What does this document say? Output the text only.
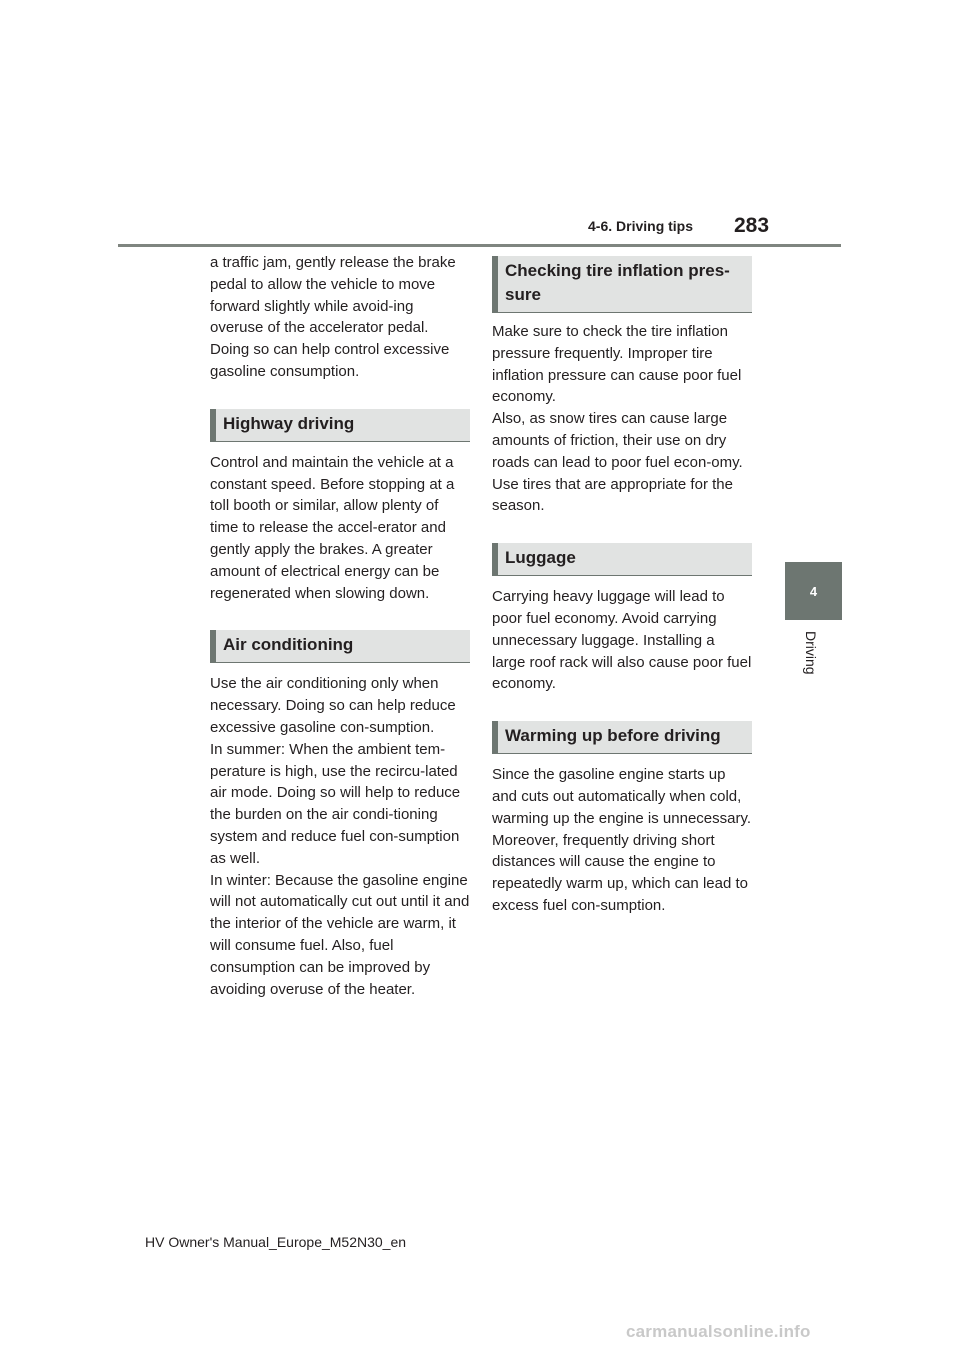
4-6. Driving tips 283
4
Driving

a traffic jam, gently release the brake pedal to allow the vehicle to move forward slightly while avoid-ing overuse of the accelerator pedal. Doing so can help control excessive gasoline consumption.

Highway driving

Control and maintain the vehicle at a constant speed. Before stopping at a toll booth or similar, allow plenty of time to release the accel-erator and gently apply the brakes. A greater amount of electrical energy can be regenerated when slowing down.

Air conditioning

Use the air conditioning only when necessary. Doing so can help reduce excessive gasoline con-sumption.

In summer: When the ambient tem-perature is high, use the recircu-lated air mode. Doing so will help to reduce the burden on the air condi-tioning system and reduce fuel con-sumption as well.

In winter: Because the gasoline engine will not automatically cut out until it and the interior of the vehicle are warm, it will consume fuel. Also, fuel consumption can be improved by avoiding overuse of the heater.

Checking tire inflation pres-sure

Make sure to check the tire inflation pressure frequently. Improper tire inflation pressure can cause poor fuel economy.

Also, as snow tires can cause large amounts of friction, their use on dry roads can lead to poor fuel econ-omy. Use tires that are appropriate for the season.

Luggage

Carrying heavy luggage will lead to poor fuel economy. Avoid carrying unnecessary luggage. Installing a large roof rack will also cause poor fuel economy.

Warming up before driving

Since the gasoline engine starts up and cuts out automatically when cold, warming up the engine is unnecessary. Moreover, frequently driving short distances will cause the engine to repeatedly warm up, which can lead to excess fuel con-sumption.

HV Owner's Manual_Europe_M52N30_en
carmanualsonline.info
